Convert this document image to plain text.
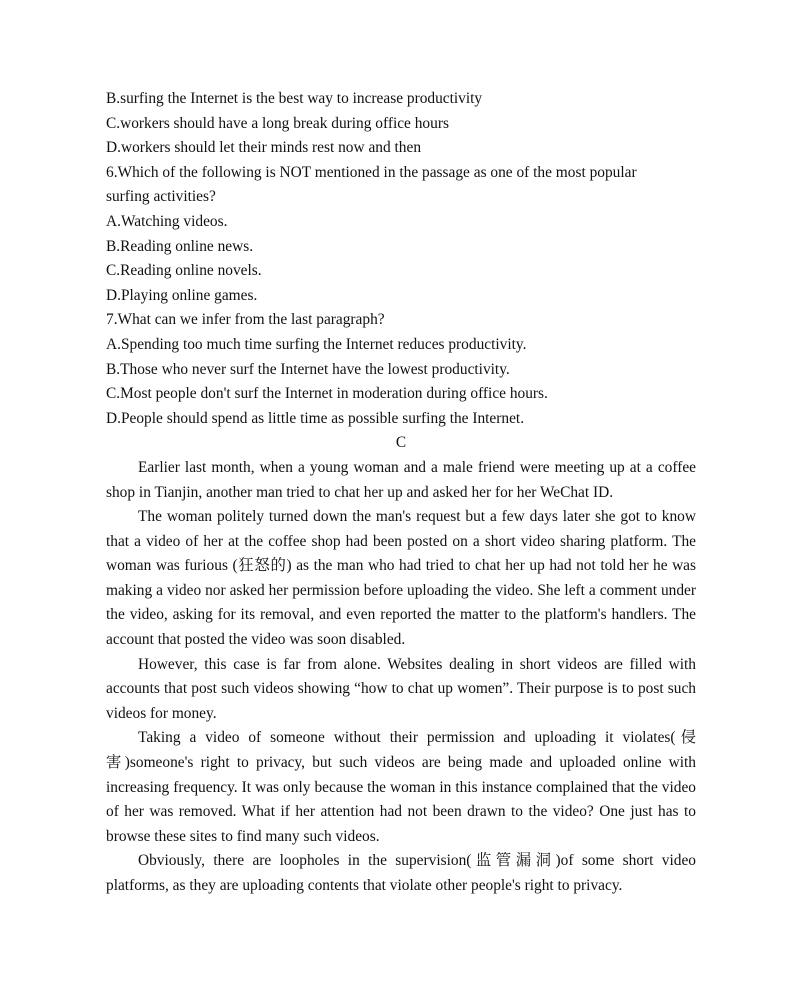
B.surfing the Internet is the best way to increase productivity

C.workers should have a long break during office hours

D.workers should let their minds rest now and then

6.Which of the following is NOT mentioned in the passage as one of the most popular

surfing activities?

A.Watching videos.

B.Reading online news.

C.Reading online novels.

D.Playing online games.

7.What can we infer from the last paragraph?

A.Spending too much time surfing the Internet reduces productivity.

B.Those who never surf the Internet have the lowest productivity.

C.Most people don't surf the Internet in moderation during office hours.

D.People should spend as little time as possible surfing the Internet.

C

Earlier last month, when a young woman and a male friend were meeting up at a coffee shop in Tianjin, another man tried to chat her up and asked her for her WeChat ID.

The woman politely turned down the man's request but a few days later she got to know that a video of her at the coffee shop had been posted on a short video sharing platform. The woman was furious (狂怒的) as the man who had tried to chat her up had not told her he was making a video nor asked her permission before uploading the video. She left a comment under the video, asking for its removal, and even reported the matter to the platform's handlers. The account that posted the video was soon disabled.

However, this case is far from alone. Websites dealing in short videos are filled with accounts that post such videos showing “how to chat up women”. Their purpose is to post such videos for money.

Taking a video of someone without their permission and uploading it violates(侵害)someone's right to privacy, but such videos are being made and uploaded online with increasing frequency. It was only because the woman in this instance complained that the video of her was removed. What if her attention had not been drawn to the video? One just has to browse these sites to find many such videos.

Obviously, there are loopholes in the supervision(监管漏洞)of some short video platforms, as they are uploading contents that violate other people's right to privacy.
